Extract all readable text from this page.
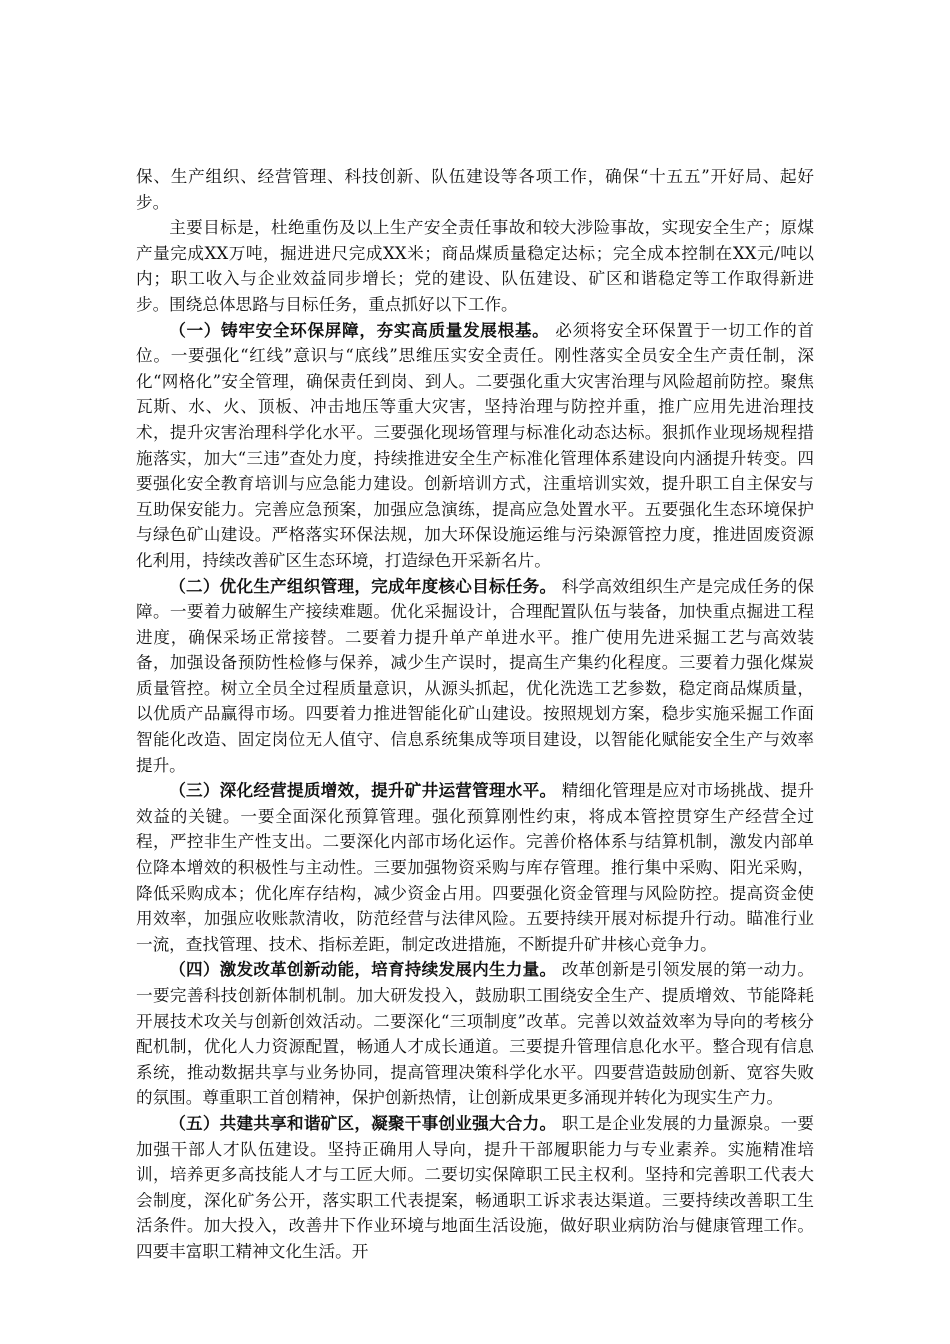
保、生产组织、经营管理、科技创新、队伍建设等各项工作，确保“十五五”开好局、起好步。

主要目标是，杜绝重伤及以上生产安全责任事故和较大涉险事故，实现安全生产；原煤产量完成XX万吨，掘进进尺完成XX米；商品煤质量稳定达标；完全成本控制在XX元/吨以内；职工收入与企业效益同步增长；党的建设、队伍建设、矿区和谐稳定等工作取得新进步。围绕总体思路与目标任务，重点抓好以下工作。

（一）铸牢安全环保屏障，夯实高质量发展根基。 必须将安全环保置于一切工作的首位。一要强化“红线”意识与“底线”思维压实安全责任。刚性落实全员安全生产责任制，深化“网格化”安全管理，确保责任到岗、到人。二要强化重大灾害治理与风险超前防控。聚焦瓦斯、水、火、顶板、冲击地压等重大灾害，坚持治理与防控并重，推广应用先进治理技术，提升灾害治理科学化水平。三要强化现场管理与标准化动态达标。狠抓作业现场规程措施落实，加大“三违”查处力度，持续推进安全生产标准化管理体系建设向内涵提升转变。四要强化安全教育培训与应急能力建设。创新培训方式，注重培训实效，提升职工自主保安与互助保安能力。完善应急预案，加强应急演练，提高应急处置水平。五要强化生态环境保护与绿色矿山建设。严格落实环保法规，加大环保设施运维与污染源管控力度，推进固废资源化利用，持续改善矿区生态环境，打造绿色开采新名片。

（二）优化生产组织管理，完成年度核心目标任务。 科学高效组织生产是完成任务的保障。一要着力破解生产接续难题。优化采掘设计，合理配置队伍与装备，加快重点掘进工程进度，确保采场正常接替。二要着力提升单产单进水平。推广使用先进采掘工艺与高效装备，加强设备预防性检修与保养，减少生产误时，提高生产集约化程度。三要着力强化煤炭质量管控。树立全员全过程质量意识，从源头抓起，优化洗选工艺参数，稳定商品煤质量，以优质产品赢得市场。四要着力推进智能化矿山建设。按照规划方案，稳步实施采掘工作面智能化改造、固定岗位无人值守、信息系统集成等项目建设，以智能化赋能安全生产与效率提升。

（三）深化经营提质增效，提升矿井运营管理水平。 精细化管理是应对市场挑战、提升效益的关键。一要全面深化预算管理。强化预算刚性约束，将成本管控贯穿生产经营全过程，严控非生产性支出。二要深化内部市场化运作。完善价格体系与结算机制，激发内部单位降本增效的积极性与主动性。三要加强物资采购与库存管理。推行集中采购、阳光采购，降低采购成本；优化库存结构，减少资金占用。四要强化资金管理与风险防控。提高资金使用效率，加强应收账款清收，防范经营与法律风险。五要持续开展对标提升行动。瞄准行业一流，查找管理、技术、指标差距，制定改进措施，不断提升矿井核心竞争力。

（四）激发改革创新动能，培育持续发展内生力量。 改革创新是引领发展的第一动力。一要完善科技创新体制机制。加大研发投入，鼓励职工围绕安全生产、提质增效、节能降耗开展技术攻关与创新创效活动。二要深化“三项制度”改革。完善以效益效率为导向的考核分配机制，优化人力资源配置，畅通人才成长通道。三要提升管理信息化水平。整合现有信息系统，推动数据共享与业务协同，提高管理决策科学化水平。四要营造鼓励创新、宽容失败的氛围。尊重职工首创精神，保护创新热情，让创新成果更多涌现并转化为现实生产力。

（五）共建共享和谐矿区，凝聚干事创业强大合力。 职工是企业发展的力量源泉。一要加强干部人才队伍建设。坚持正确用人导向，提升干部履职能力与专业素养。实施精准培训，培养更多高技能人才与工匠大师。二要切实保障职工民主权利。坚持和完善职工代表大会制度，深化矿务公开，落实职工代表提案，畅通职工诉求表达渠道。三要持续改善职工生活条件。加大投入，改善井下作业环境与地面生活设施，做好职业病防治与健康管理工作。四要丰富职工精神文化生活。开
